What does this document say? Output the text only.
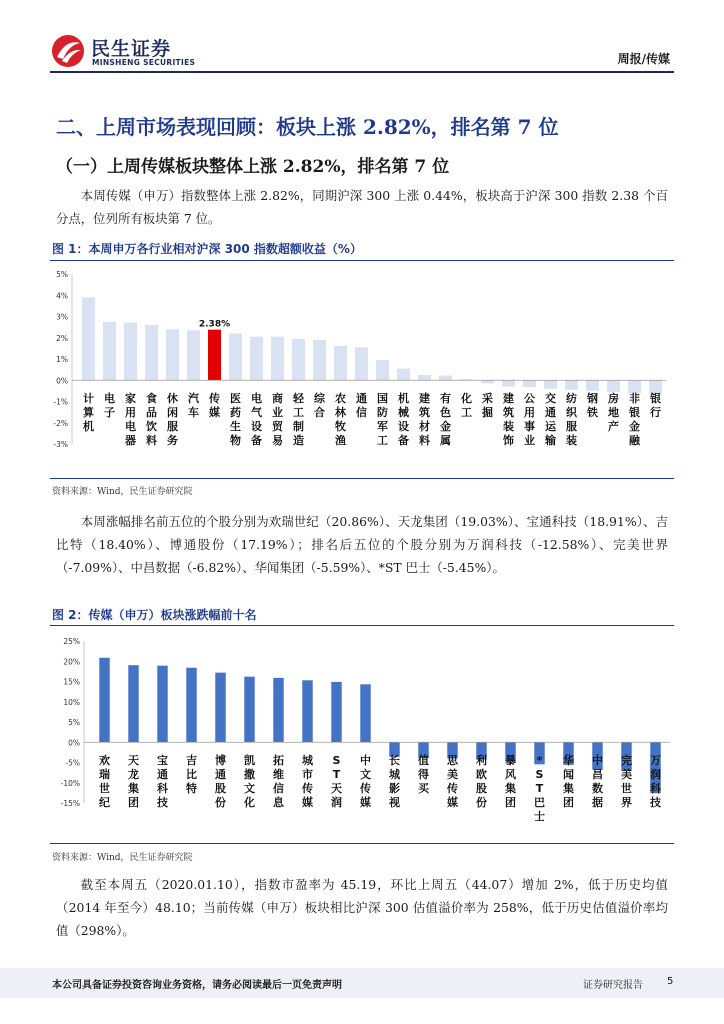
民生证券
MINSHENG SECURITIES	周报/传媒
二、上周市场表现回顾：板块上涨 2.82%，排名第 7 位
（一）上周传媒板块整体上涨 2.82%，排名第 7 位
本周传媒（申万）指数整体上涨 2.82%，同期沪深 300 上涨 0.44%，板块高于沪深 300 指数 2.38 个百分点，位列所有板块第 7 位。
图 1：本周申万各行业相对沪深 300 指数超额收益（%）
5%
4%
3%
2%
1%
0%
-1%
-2%
-3%
计算机
电子
家用电器
食品饮料
休闲服务
汽车
传媒
2.38%
医药生物
电气设备
商业贸易
轻工制造
综合
农林牧渔
通信
国防军工
机械设备
建筑材料
有色金属
化工
采掘
建筑装饰
公用事业
交通运输
纺织服装
钢铁
房地产
非银金融
银行
资料来源：Wind，民生证券研究院
本周涨幅排名前五位的个股分别为欢瑞世纪（20.86%）、天龙集团（19.03%）、宝通科技（18.91%）、吉比特（18.40%）、博通股份（17.19%）；排名后五位的个股分别为万润科技（-12.58%）、完美世界（-7.09%）、中昌数据（-6.82%）、华闻集团（-5.59%）、*ST 巴士（-5.45%）。
图 2：传媒（申万）板块涨跌幅前十名
25%
20%
15%
10%
5%
0%
-5%
-10%
-15%
欢瑞世纪
天龙集团
宝通科技
吉比特
博通股份
凯撒文化
拓维信息
城市传媒
S T 天润
中文传媒
长城影视
值得买
思美传媒
利欧股份
暴风集团
* S T 巴士
华闻集团
中昌数据
完美世界
万润科技
资料来源：Wind，民生证券研究院
截至本周五（2020.01.10），指数市盈率为 45.19，环比上周五（44.07）增加 2%，低于历史均值（2014 年至今）48.10；当前传媒（申万）板块相比沪深 300 估值溢价率为 258%，低于历史估值溢价率均值（298%）。
本公司具备证券投资咨询业务资格，请务必阅读最后一页免责声明	证券研究报告 5
